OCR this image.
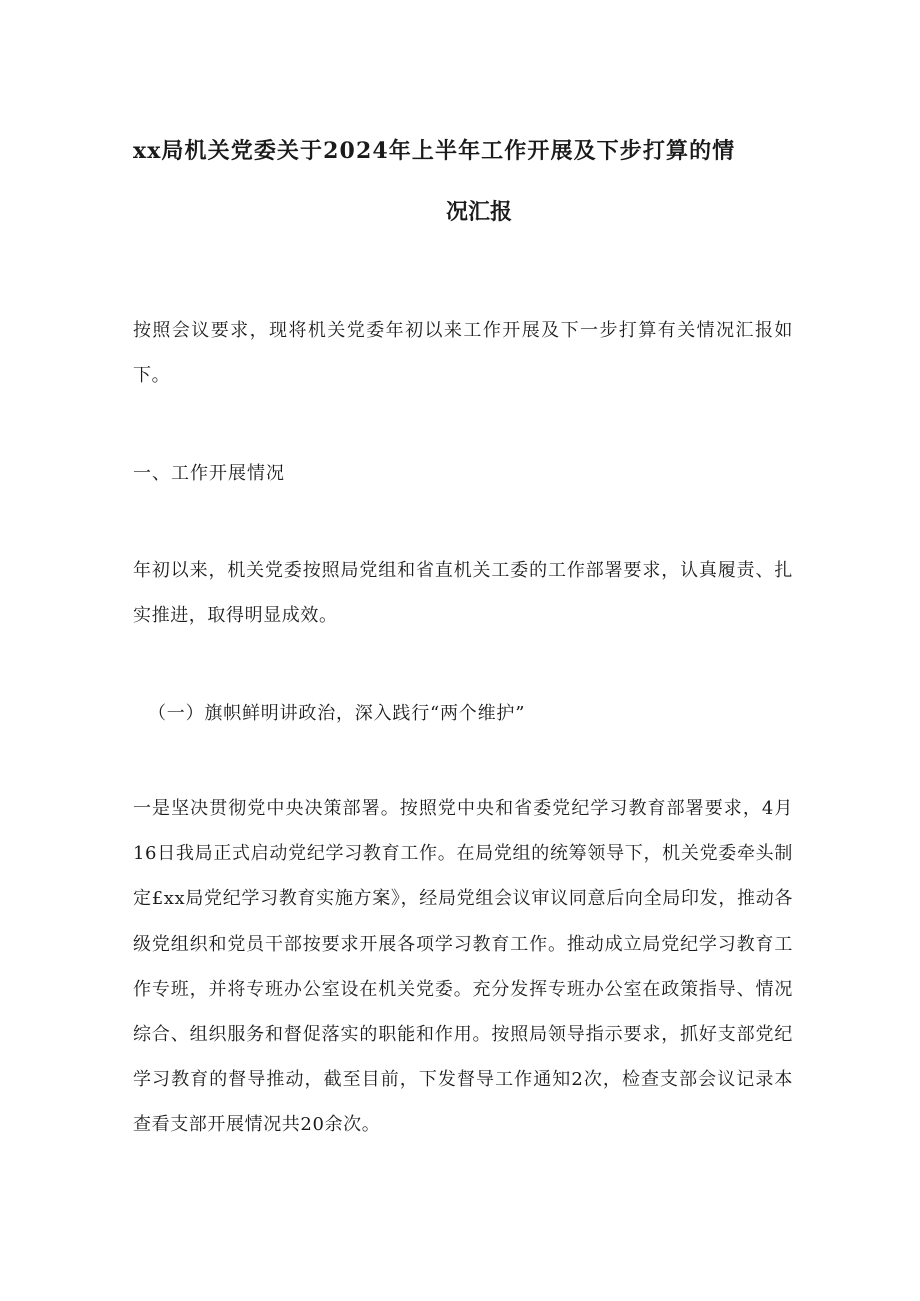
xx局机关党委关于2024年上半年工作开展及下步打算的情
况汇报

按照会议要求，现将机关党委年初以来工作开展及下一步打算有关情况汇报如下。

一、工作开展情况

年初以来，机关党委按照局党组和省直机关工委的工作部署要求，认真履责、扎实推进，取得明显成效。

（一）旗帜鲜明讲政治，深入践行“两个维护”

一是坚决贯彻党中央决策部署。按照党中央和省委党纪学习教育部署要求，4月16日我局正式启动党纪学习教育工作。在局党组的统筹领导下，机关党委牵头制定£xx局党纪学习教育实施方案》，经局党组会议审议同意后向全局印发，推动各级党组织和党员干部按要求开展各项学习教育工作。推动成立局党纪学习教育工作专班，并将专班办公室设在机关党委。充分发挥专班办公室在政策指导、情况综合、组织服务和督促落实的职能和作用。按照局领导指示要求，抓好支部党纪学习教育的督导推动，截至目前，下发督导工作通知2次，检查支部会议记录本查看支部开展情况共20余次。
